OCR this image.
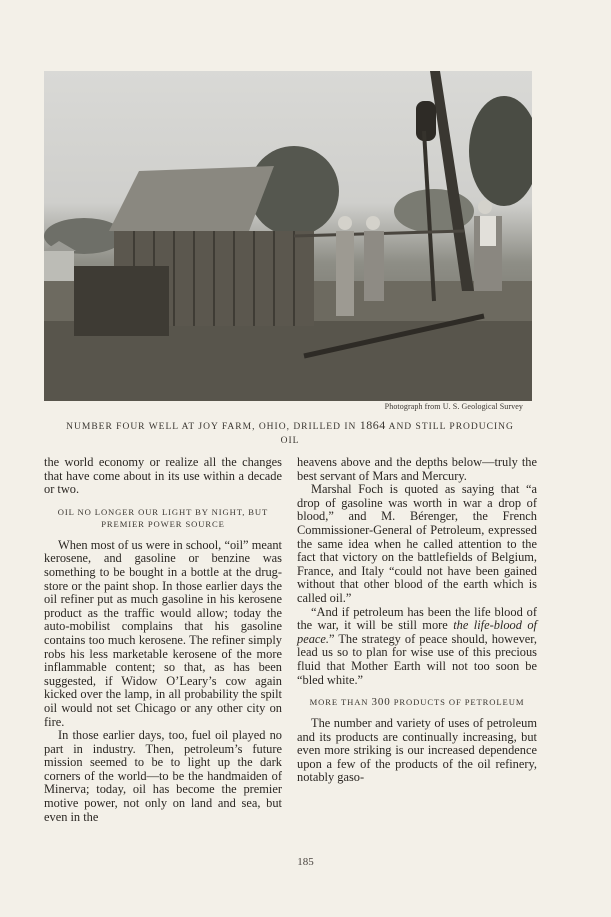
Photograph from U. S. Geological Survey
NUMBER FOUR WELL AT JOY FARM, OHIO, DRILLED IN 1864 AND STILL PRODUCING OIL

the world economy or realize all the changes that have come about in its use within a decade or two.

OIL NO LONGER OUR LIGHT BY NIGHT, BUT PREMIER POWER SOURCE

When most of us were in school, “oil” meant kerosene, and gasoline or benzine was something to be bought in a bottle at the drug-store or the paint shop. In those earlier days the oil refiner put as much gasoline in his kerosene product as the traffic would allow; today the auto-mobilist complains that his gasoline contains too much kerosene. The refiner simply robs his less marketable kerosene of the more inflammable content; so that, as has been suggested, if Widow O’Leary’s cow again kicked over the lamp, in all probability the spilt oil would not set Chicago or any other city on fire.

In those earlier days, too, fuel oil played no part in industry. Then, petroleum’s future mission seemed to be to light up the dark corners of the world—to be the handmaiden of Minerva; today, oil has become the premier motive power, not only on land and sea, but even in the

heavens above and the depths below—truly the best servant of Mars and Mercury.

Marshal Foch is quoted as saying that “a drop of gasoline was worth in war a drop of blood,” and M. Bérenger, the French Commissioner-General of Petroleum, expressed the same idea when he called attention to the fact that victory on the battlefields of Belgium, France, and Italy “could not have been gained without that other blood of the earth which is called oil.”

“And if petroleum has been the life blood of the war, it will be still more the life-blood of peace.” The strategy of peace should, however, lead us so to plan for wise use of this precious fluid that Mother Earth will not too soon be “bled white.”

MORE THAN 300 PRODUCTS OF PETROLEUM

The number and variety of uses of petroleum and its products are continually increasing, but even more striking is our increased dependence upon a few of the products of the oil refinery, notably gaso-

185
